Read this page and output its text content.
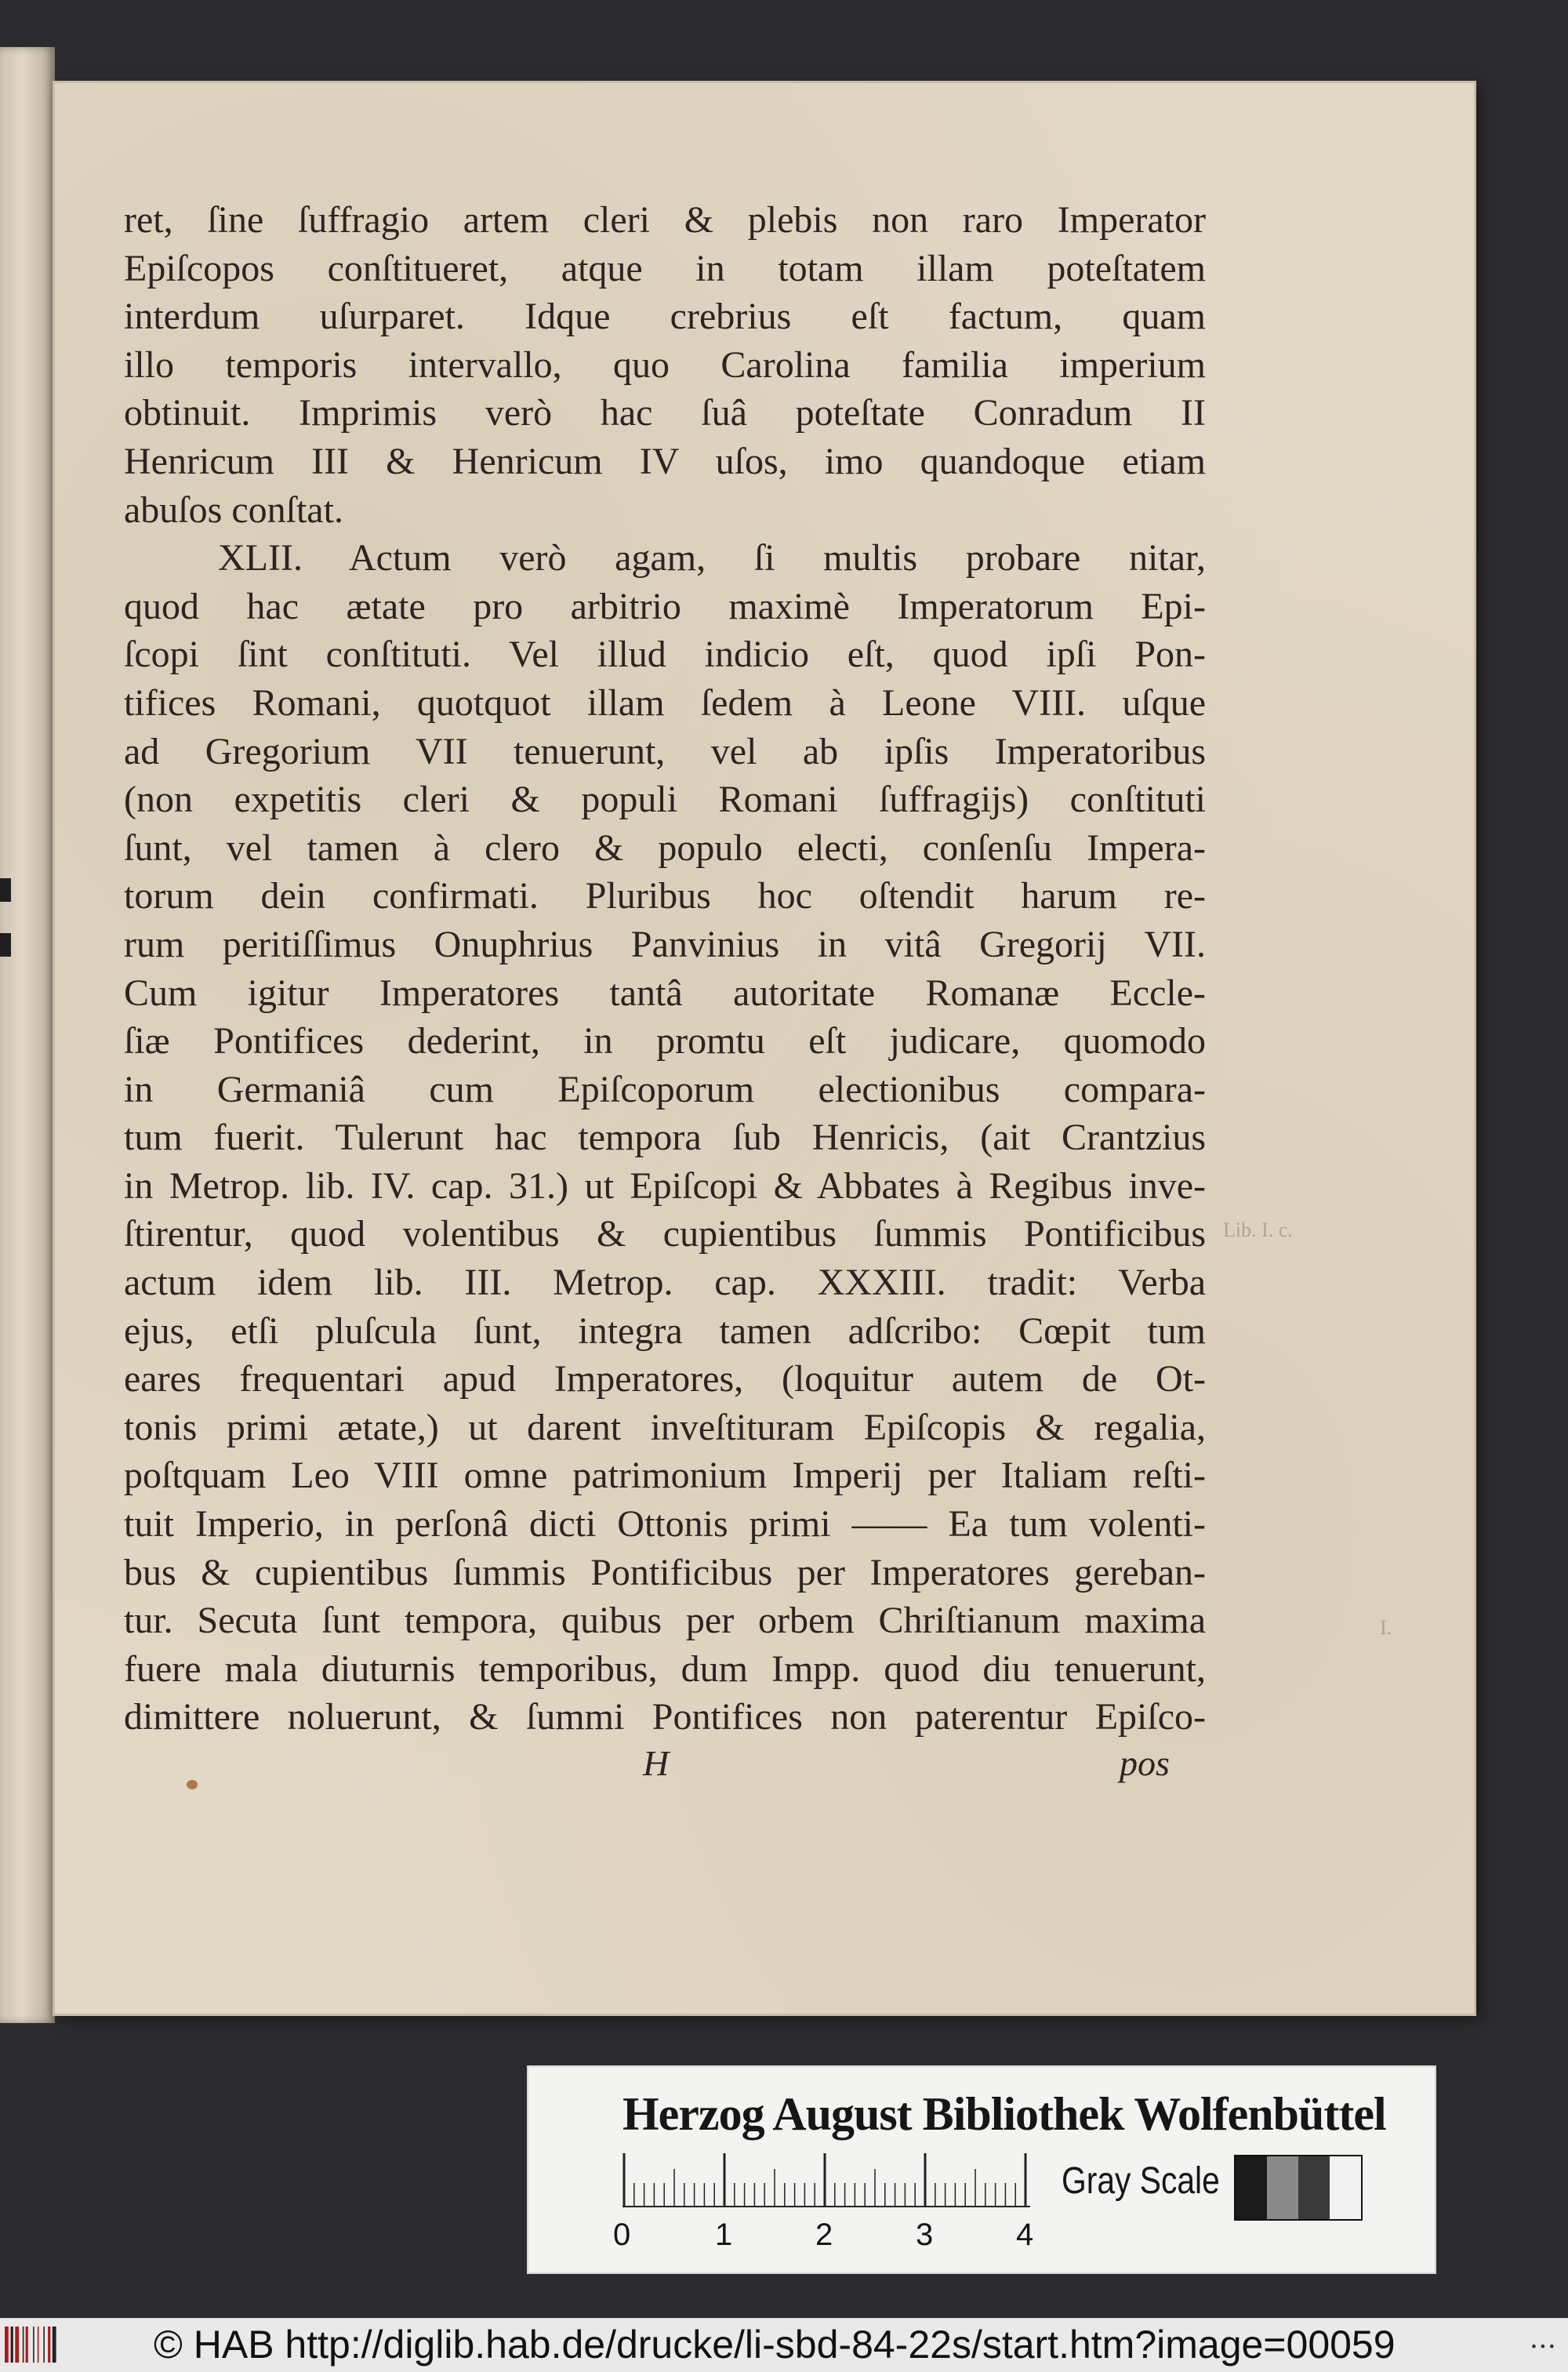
Lib. I. c.
I.
ret, ſine ſuffragio artem cleri & plebis non raro Imperator
Epiſcopos conſtitueret, atque in totam illam poteſtatem
interdum uſurparet. Idque crebrius eſt factum, quam
illo temporis intervallo, quo Carolina familia imperium
obtinuit. Imprimis verò hac ſuâ poteſtate Conradum II
Henricum III & Henricum IV uſos, imo quandoque etiam
abuſos conſtat.
XLII. Actum verò agam, ſi multis probare nitar,
quod hac ætate pro arbitrio maximè Imperatorum Epi-
ſcopi ſint conſtituti. Vel illud indicio eſt, quod ipſi Pon-
tifices Romani, quotquot illam ſedem à Leone VIII. uſque
ad Gregorium VII tenuerunt, vel ab ipſis Imperatoribus
(non expetitis cleri & populi Romani ſuffragijs) conſtituti
ſunt, vel tamen à clero & populo electi, conſenſu Impera-
torum dein confirmati. Pluribus hoc oſtendit harum re-
rum peritiſſimus Onuphrius Panvinius in vitâ Gregorij VII.
Cum igitur Imperatores tantâ autoritate Romanæ Eccle-
ſiæ Pontifices dederint, in promtu eſt judicare, quomodo
in Germaniâ cum Epiſcoporum electionibus compara-
tum fuerit. Tulerunt hac tempora ſub Henricis, (ait Crantzius
in Metrop. lib. IV. cap. 31.) ut Epiſcopi & Abbates à Regibus inve-
ſtirentur, quod volentibus & cupientibus ſummis Pontificibus
actum idem lib. III. Metrop. cap. XXXIII. tradit: Verba
ejus, etſi pluſcula ſunt, integra tamen adſcribo: Cœpit tum
eares frequentari apud Imperatores, (loquitur autem de Ot-
tonis primi ætate,) ut darent inveſtituram Epiſcopis & regalia,
poſtquam Leo VIII omne patrimonium Imperij per Italiam reſti-
tuit Imperio, in perſonâ dicti Ottonis primi —— Ea tum volenti-
bus & cupientibus ſummis Pontificibus per Imperatores gereban-
tur. Secuta ſunt tempora, quibus per orbem Chriſtianum maxima
fuere mala diuturnis temporibus, dum Impp. quod diu tenuerunt,
dimittere noluerunt, & ſummi Pontifices non paterentur Epiſco-
H	pos
Herzog August Bibliothek Wolfenbüttel
0	1	2	3	4
Gray Scale
© HAB http://diglib.hab.de/drucke/li-sbd-84-22s/start.htm?image=00059	•••
